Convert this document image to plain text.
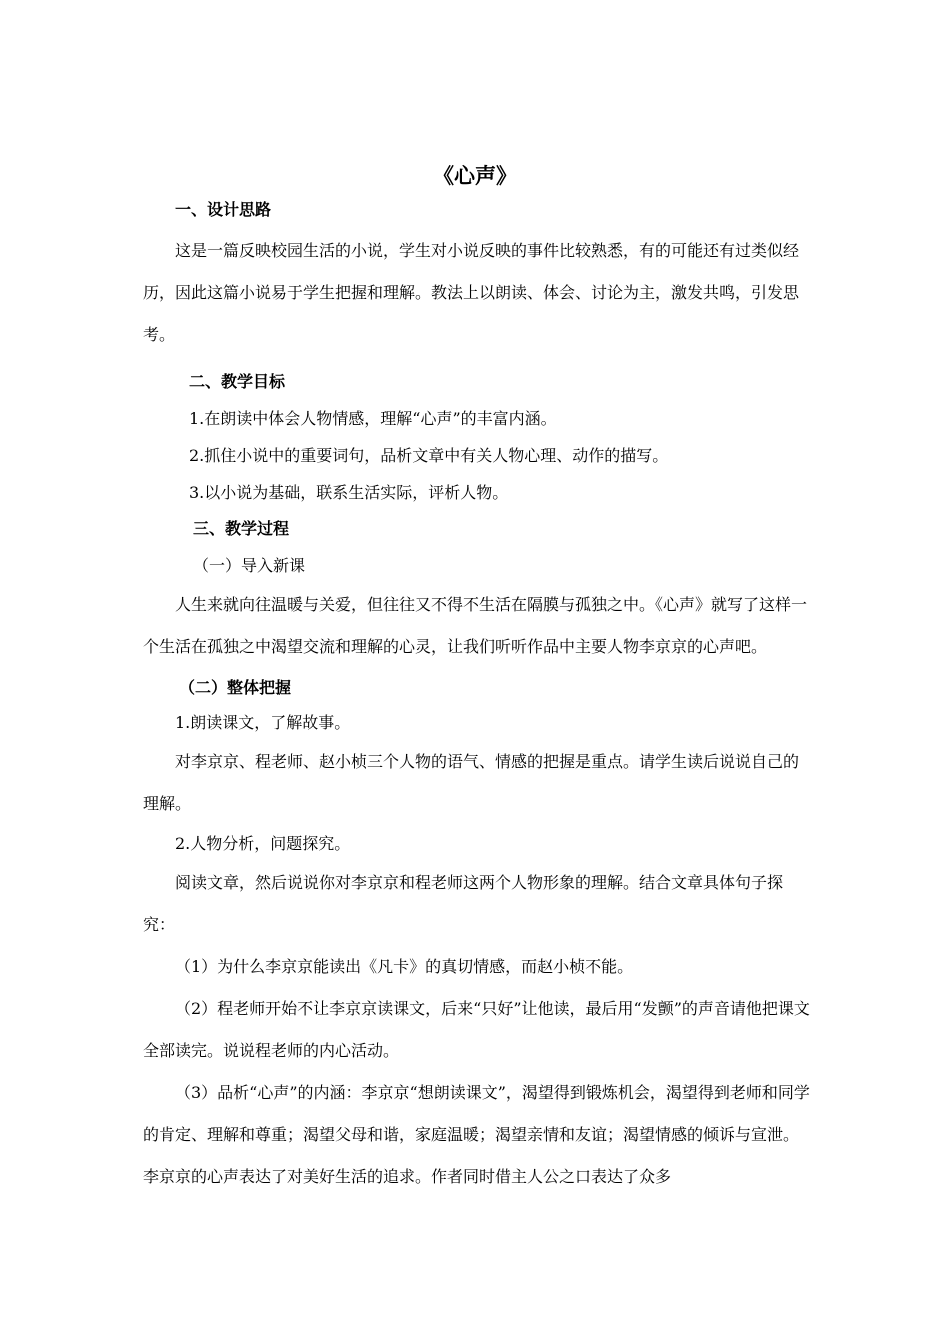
《心声》

一、设计思路

这是一篇反映校园生活的小说，学生对小说反映的事件比较熟悉，有的可能还有过类似经历，因此这篇小说易于学生把握和理解。教法上以朗读、体会、讨论为主，激发共鸣，引发思考。

二、教学目标

1.在朗读中体会人物情感，理解“心声”的丰富内涵。

2.抓住小说中的重要词句，品析文章中有关人物心理、动作的描写。

3.以小说为基础，联系生活实际，评析人物。

三、教学过程

（一）导入新课

人生来就向往温暖与关爱，但往往又不得不生活在隔膜与孤独之中。《心声》就写了这样一个生活在孤独之中渴望交流和理解的心灵，让我们听听作品中主要人物李京京的心声吧。

（二）整体把握

1.朗读课文，了解故事。

对李京京、程老师、赵小桢三个人物的语气、情感的把握是重点。请学生读后说说自己的理解。

2.人物分析，问题探究。

阅读文章，然后说说你对李京京和程老师这两个人物形象的理解。结合文章具体句子探究：

（1）为什么李京京能读出《凡卡》的真切情感，而赵小桢不能。

（2）程老师开始不让李京京读课文，后来“只好”让他读，最后用“发颤”的声音请他把课文全部读完。说说程老师的内心活动。

（3）品析“心声”的内涵：李京京“想朗读课文”，渴望得到锻炼机会，渴望得到老师和同学的肯定、理解和尊重；渴望父母和谐，家庭温暖；渴望亲情和友谊；渴望情感的倾诉与宣泄。李京京的心声表达了对美好生活的追求。作者同时借主人公之口表达了众多
